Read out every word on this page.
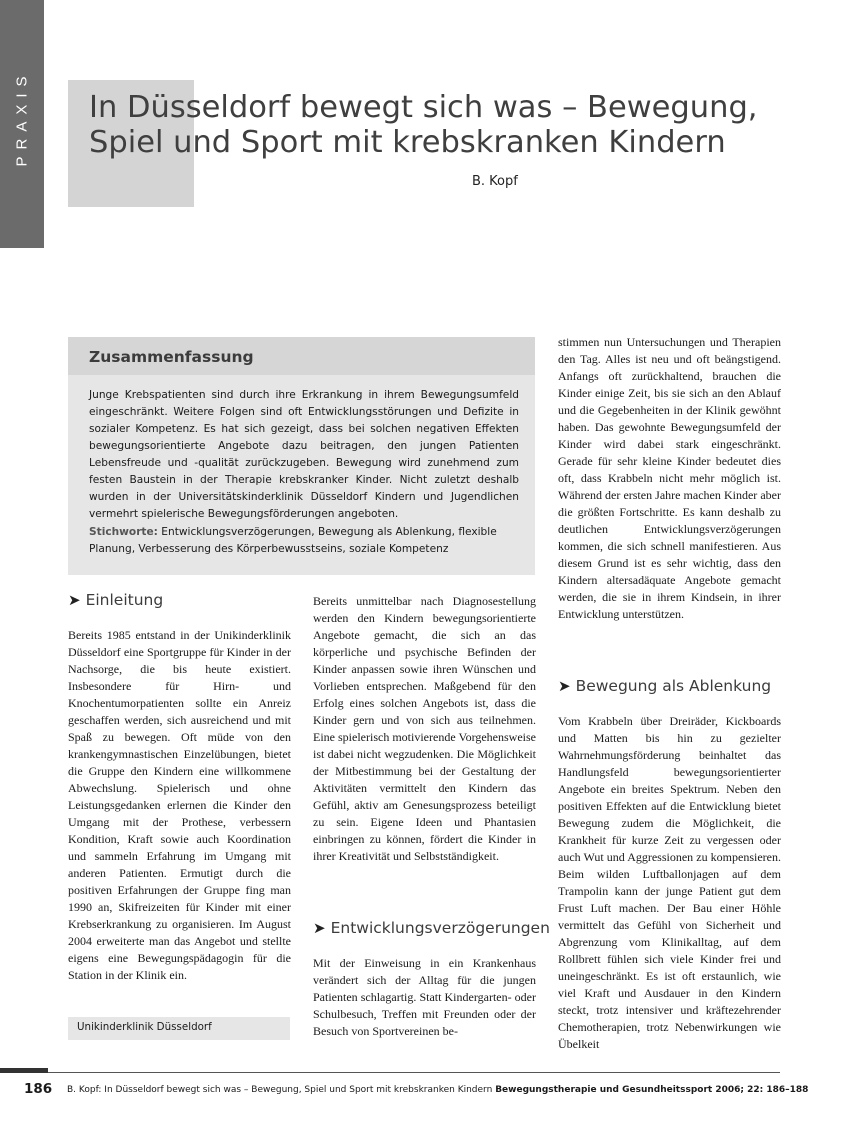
PRAXIS In Düsseldorf bewegt sich was – Bewegung, Spiel und Sport mit krebskranken Kindern
B. Kopf
Zusammenfassung

Junge Krebspatienten sind durch ihre Erkrankung in ihrem Bewegungsumfeld eingeschränkt. Weitere Folgen sind oft Entwicklungsstörungen und Defizite in sozialer Kompetenz. Es hat sich gezeigt, dass bei solchen negativen Effekten bewegungsorientierte Angebote dazu beitragen, den jungen Patienten Lebensfreude und -qualität zurückzugeben. Bewegung wird zunehmend zum festen Baustein in der Therapie krebskranker Kinder. Nicht zuletzt deshalb wurden in der Universitätskinderklinik Düsseldorf Kindern und Jugendlichen vermehrt spielerische Bewegungsförderungen angeboten.

Stichworte: Entwicklungsverzögerungen, Bewegung als Ablenkung, flexible Planung, Verbesserung des Körperbewusstseins, soziale Kompetenz

➤ Einleitung

Bereits 1985 entstand in der Unikinderklinik Düsseldorf eine Sportgruppe für Kinder in der Nachsorge, die bis heute existiert. Insbesondere für Hirn- und Knochentumorpatienten sollte ein Anreiz geschaffen werden, sich ausreichend und mit Spaß zu bewegen. Oft müde von den krankengymnastischen Einzelübungen, bietet die Gruppe den Kindern eine willkommene Abwechslung. Spielerisch und ohne Leistungsgedanken erlernen die Kinder den Umgang mit der Prothese, verbessern Kondition, Kraft sowie auch Koordination und sammeln Erfahrung im Umgang mit anderen Patienten. Ermutigt durch die positiven Erfahrungen der Gruppe fing man 1990 an, Skifreizeiten für Kinder mit einer Krebserkrankung zu organisieren. Im August 2004 erweiterte man das Angebot und stellte eigens eine Bewegungspädagogin für die Station in der Klinik ein.

Unikinderklinik Düsseldorf

Bereits unmittelbar nach Diagnosestellung werden den Kindern bewegungsorientierte Angebote gemacht, die sich an das körperliche und psychische Befinden der Kinder anpassen sowie ihren Wünschen und Vorlieben entsprechen. Maßgebend für den Erfolg eines solchen Angebots ist, dass die Kinder gern und von sich aus teilnehmen. Eine spielerisch motivierende Vorgehensweise ist dabei nicht wegzudenken. Die Möglichkeit der Mitbestimmung bei der Gestaltung der Aktivitäten vermittelt den Kindern das Gefühl, aktiv am Genesungsprozess beteiligt zu sein. Eigene Ideen und Phantasien einbringen zu können, fördert die Kinder in ihrer Kreativität und Selbstständigkeit.

➤ Entwicklungsverzögerungen

Mit der Einweisung in ein Krankenhaus verändert sich der Alltag für die jungen Patienten schlagartig. Statt Kindergarten- oder Schulbesuch, Treffen mit Freunden oder der Besuch von Sportvereinen be-

stimmen nun Untersuchungen und Therapien den Tag. Alles ist neu und oft beängstigend. Anfangs oft zurückhaltend, brauchen die Kinder einige Zeit, bis sie sich an den Ablauf und die Gegebenheiten in der Klinik gewöhnt haben. Das gewohnte Bewegungsumfeld der Kinder wird dabei stark eingeschränkt. Gerade für sehr kleine Kinder bedeutet dies oft, dass Krabbeln nicht mehr möglich ist. Während der ersten Jahre machen Kinder aber die größten Fortschritte. Es kann deshalb zu deutlichen Entwicklungsverzögerungen kommen, die sich schnell manifestieren. Aus diesem Grund ist es sehr wichtig, dass den Kindern altersadäquate Angebote gemacht werden, die sie in ihrem Kindsein, in ihrer Entwicklung unterstützen.

➤ Bewegung als Ablenkung

Vom Krabbeln über Dreiräder, Kickboards und Matten bis hin zu gezielter Wahrnehmungsförderung beinhaltet das Handlungsfeld bewegungsorientierter Angebote ein breites Spektrum. Neben den positiven Effekten auf die Entwicklung bietet Bewegung zudem die Möglichkeit, die Krankheit für kurze Zeit zu vergessen oder auch Wut und Aggressionen zu kompensieren. Beim wilden Luftballonjagen auf dem Trampolin kann der junge Patient gut dem Frust Luft machen. Der Bau einer Höhle vermittelt das Gefühl von Sicherheit und Abgrenzung vom Klinikalltag, auf dem Rollbrett fühlen sich viele Kinder frei und uneingeschränkt. Es ist oft erstaunlich, wie viel Kraft und Ausdauer in den Kindern steckt, trotz intensiver und kräftezehrender Chemotherapien, trotz Nebenwirkungen wie Übelkeit

186 B. Kopf: In Düsseldorf bewegt sich was – Bewegung, Spiel und Sport mit krebskranken Kindern Bewegungstherapie und Gesundheitssport 2006; 22: 186–188
